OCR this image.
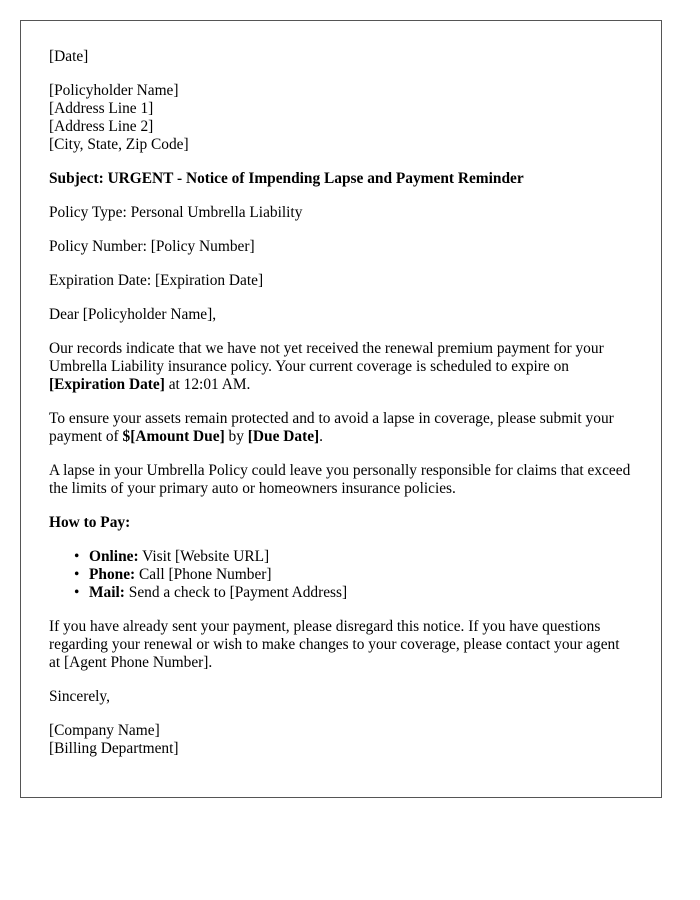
[Date]
[Policyholder Name]
[Address Line 1]
[Address Line 2]
[City, State, Zip Code]
Subject: URGENT - Notice of Impending Lapse and Payment Reminder
Policy Type: Personal Umbrella Liability
Policy Number: [Policy Number]
Expiration Date: [Expiration Date]
Dear [Policyholder Name],
Our records indicate that we have not yet received the renewal premium payment for your Umbrella Liability insurance policy. Your current coverage is scheduled to expire on [Expiration Date] at 12:01 AM.
To ensure your assets remain protected and to avoid a lapse in coverage, please submit your payment of $[Amount Due] by [Due Date].
A lapse in your Umbrella Policy could leave you personally responsible for claims that exceed the limits of your primary auto or homeowners insurance policies.
How to Pay:
• Online: Visit [Website URL]
• Phone: Call [Phone Number]
• Mail: Send a check to [Payment Address]
If you have already sent your payment, please disregard this notice. If you have questions regarding your renewal or wish to make changes to your coverage, please contact your agent at [Agent Phone Number].
Sincerely,
[Company Name]
[Billing Department]
